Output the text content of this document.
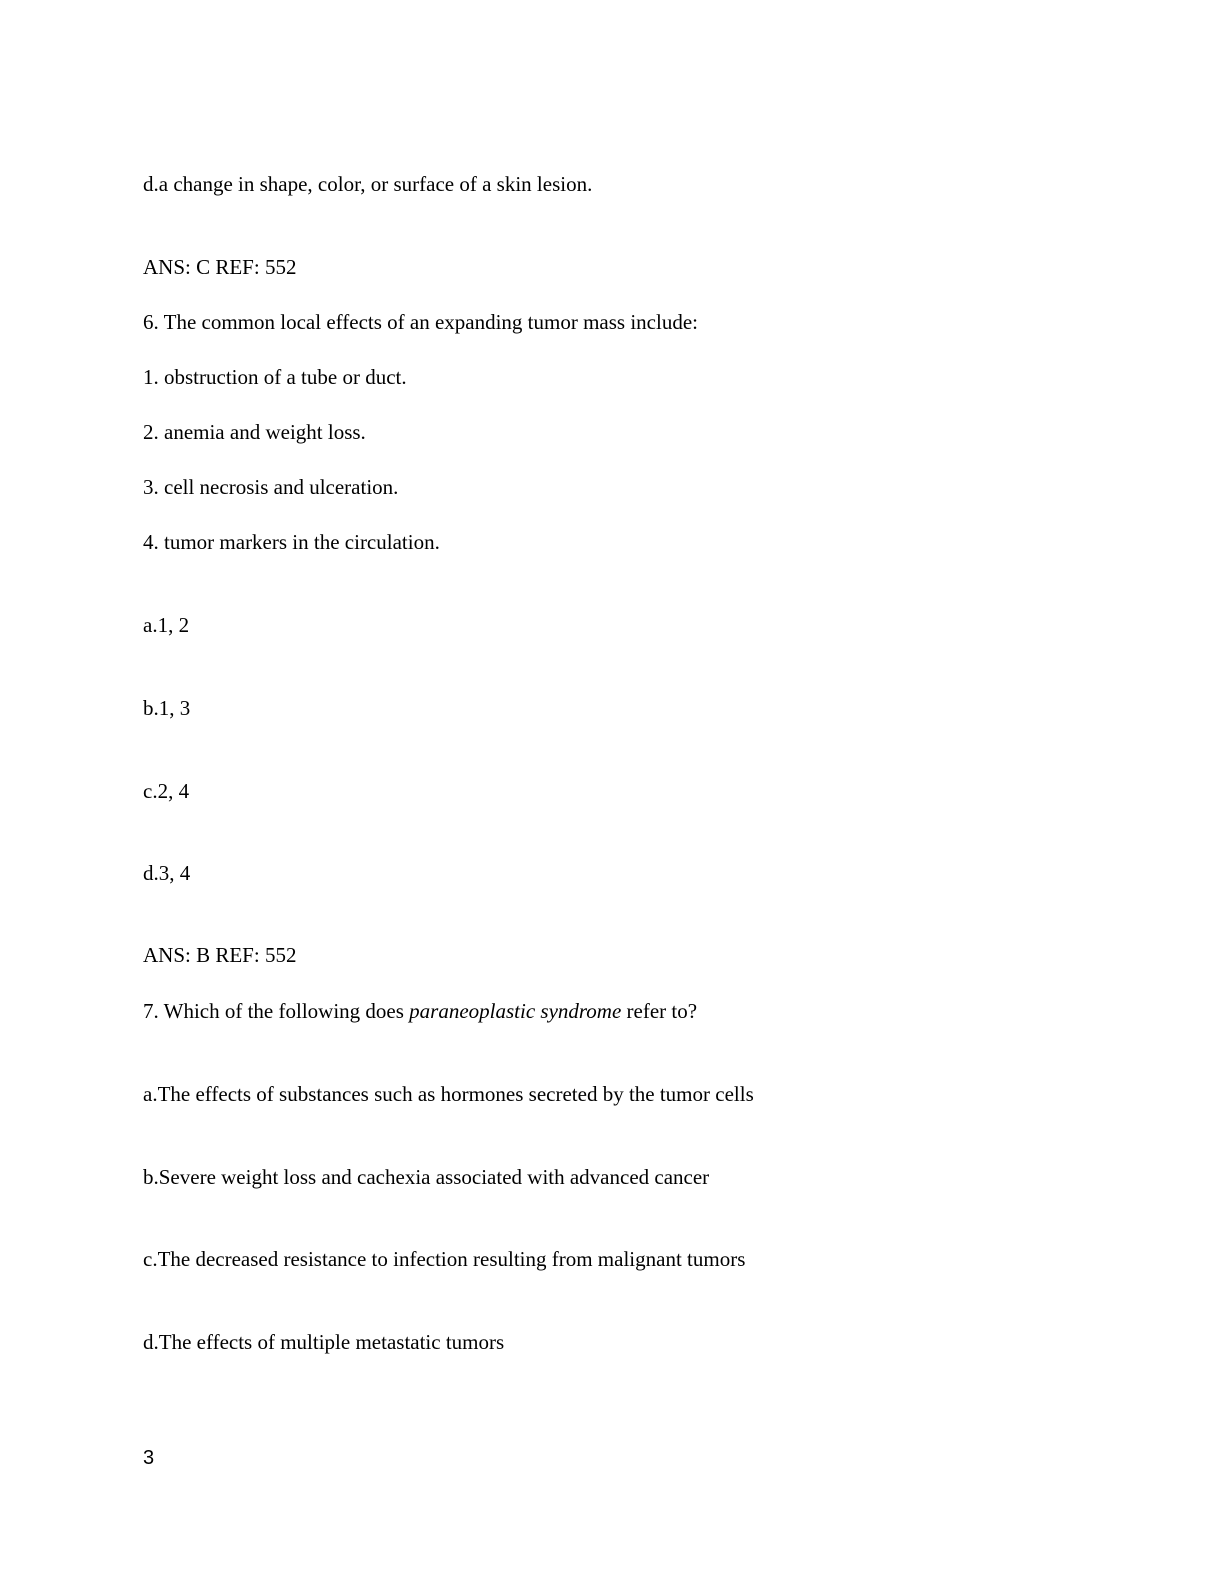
d.a change in shape, color, or surface of a skin lesion.
ANS: C REF: 552
6. The common local effects of an expanding tumor mass include:
1. obstruction of a tube or duct.
2. anemia and weight loss.
3. cell necrosis and ulceration.
4. tumor markers in the circulation.
a.1, 2
b.1, 3
c.2, 4
d.3, 4
ANS: B REF: 552
7. Which of the following does paraneoplastic syndrome refer to?
a.The effects of substances such as hormones secreted by the tumor cells
b.Severe weight loss and cachexia associated with advanced cancer
c.The decreased resistance to infection resulting from malignant tumors
d.The effects of multiple metastatic tumors
3
